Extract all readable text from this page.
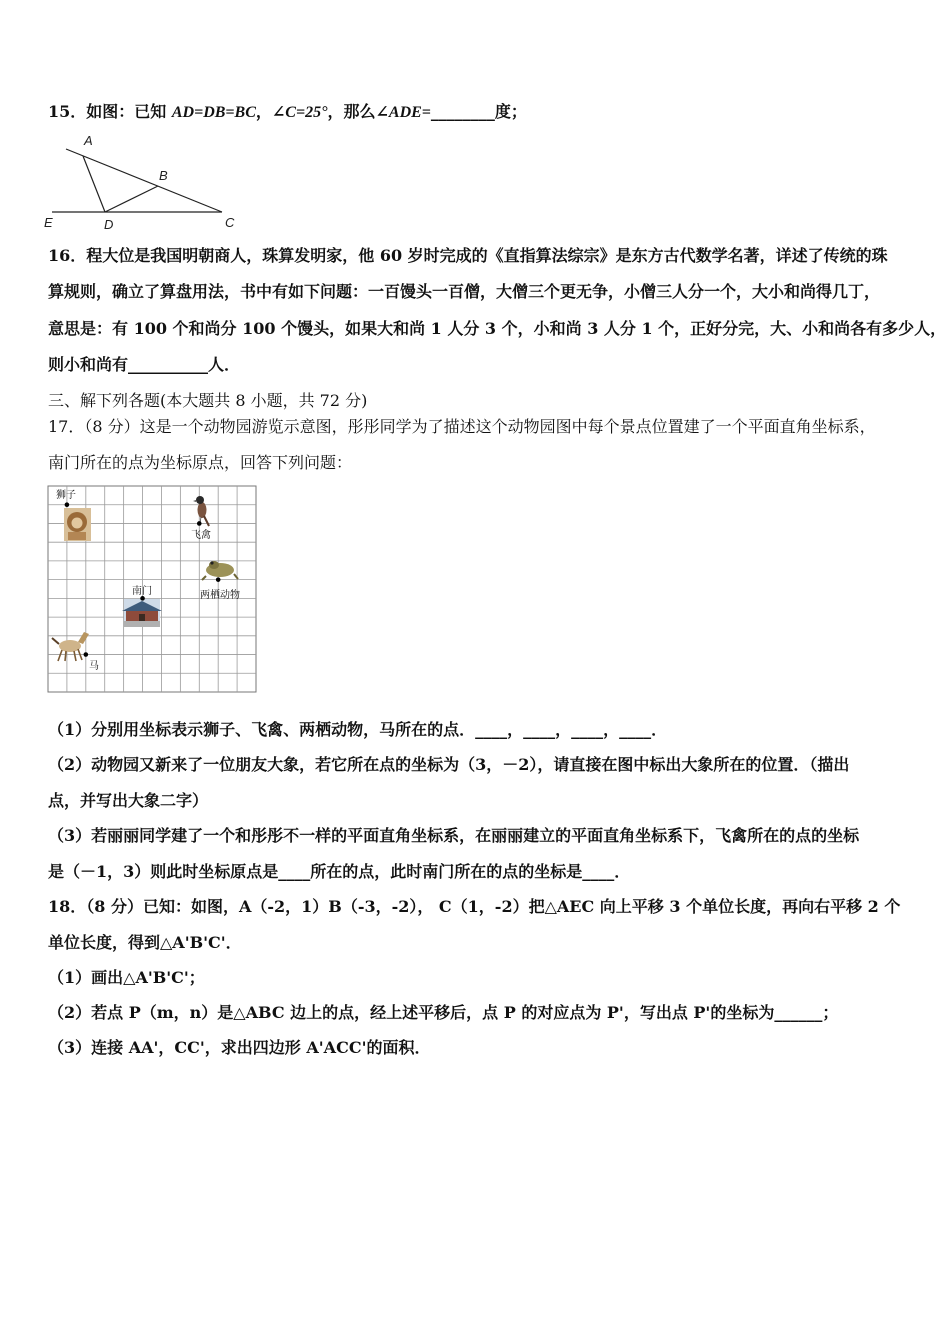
15．如图：已知 AD=DB=BC，∠C=25°，那么∠ADE=________度；
A
B
C
D
E
16．程大位是我国明朝商人，珠算发明家，他 60 岁时完成的《直指算法综宗》是东方古代数学名著，详述了传统的珠
算规则，确立了算盘用法，书中有如下问题：一百馒头一百僧，大僧三个更无争，小僧三人分一个，大小和尚得几丁，
意思是：有 100 个和尚分 100 个馒头，如果大和尚 1 人分 3 个，小和尚 3 人分 1 个，正好分完，大、小和尚各有多少人，
则小和尚有__________人．
三、解下列各题(本大题共 8 小题，共 72 分)
17．（8 分）这是一个动物园游览示意图，彤彤同学为了描述这个动物园图中每个景点位置建了一个平面直角坐标系，
南门所在的点为坐标原点，回答下列问题：
狮子
飞禽
两栖动物
南门
马
（1）分别用坐标表示狮子、飞禽、两栖动物，马所在的点．____，____，____，____．
（2）动物园又新来了一位朋友大象，若它所在点的坐标为（3，－2），请直接在图中标出大象所在的位置．（描出
点，并写出大象二字）
（3）若丽丽同学建了一个和彤彤不一样的平面直角坐标系，在丽丽建立的平面直角坐标系下，飞禽所在的点的坐标
是（－1，3）则此时坐标原点是____所在的点，此时南门所在的点的坐标是____．
18．（8 分）已知：如图，A（-2，1）B（-3，-2）， C（1，-2）把△AEC 向上平移 3 个单位长度，再向右平移 2 个
单位长度，得到△A'B'C'．
（1）画出△A'B'C'；
（2）若点 P（m，n）是△ABC 边上的点，经上述平移后，点 P 的对应点为 P'，写出点 P'的坐标为______；
（3）连接 AA'，CC'，求出四边形 A'ACC'的面积．
